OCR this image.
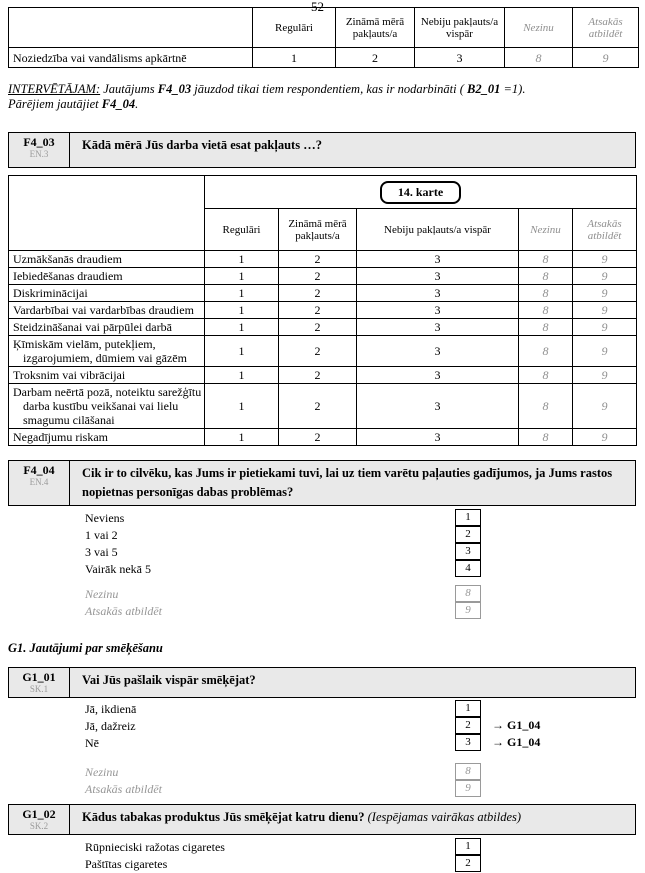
52
	Regulāri	Zināmā mērā pakļauts/a	Nebiju pakļauts/a vispār	Nezinu	Atsakās atbildēt
Noziedzība vai vandālisms apkārtnē	1	2	3	8	9
INTERVĒTĀJAM: Jautājums F4_03 jāuzdod tikai tiem respondentiem, kas ir nodarbināti ( B2_01 =1).
Pārējiem jautājiet F4_04.
F4_03
EN.3
Kādā mērā Jūs darba vietā esat pakļauts …?
	14. karte				
	Regulāri	Zināmā mērā pakļauts/a	Nebiju pakļauts/a vispār	Nezinu	Atsakās atbildēt
Uzmākšanās draudiem	1	2	3	8	9
Iebiedēšanas draudiem	1	2	3	8	9
Diskriminācijai	1	2	3	8	9
Vardarbībai vai vardarbības draudiem	1	2	3	8	9
Steidzināšanai vai pārpūlei darbā	1	2	3	8	9
Ķīmiskām vielām, putekļiem, izgarojumiem, dūmiem vai gāzēm	1	2	3	8	9
Troksnim vai vibrācijai	1	2	3	8	9
Darbam neērtā pozā, noteiktu sarežģītu darba kustību veikšanai vai lielu smagumu cilāšanai	1	2	3	8	9
Negadījumu riskam	1	2	3	8	9
F4_04
EN.4
Cik ir to cilvēku, kas Jums ir pietiekami tuvi, lai uz tiem varētu paļauties gadījumos, ja Jums rastos nopietnas personīgas dabas problēmas?
Neviens	1
1 vai 2	2
3 vai 5	3
Vairāk nekā 5	4
Nezinu	8
Atsakās atbildēt	9
G1. Jautājumi par smēķēšanu
G1_01
SK.1
Vai Jūs pašlaik vispār smēķējat?
Jā, ikdienā	1
Jā, dažreiz	2	→ G1_04
Nē	3	→ G1_04
Nezinu	8
Atsakās atbildēt	9
G1_02
SK.2
Kādus tabakas produktus Jūs smēķējat katru dienu? (Iespējamas vairākas atbildes)
Rūpnieciski ražotas cigaretes	1
Paštītas cigaretes	2
